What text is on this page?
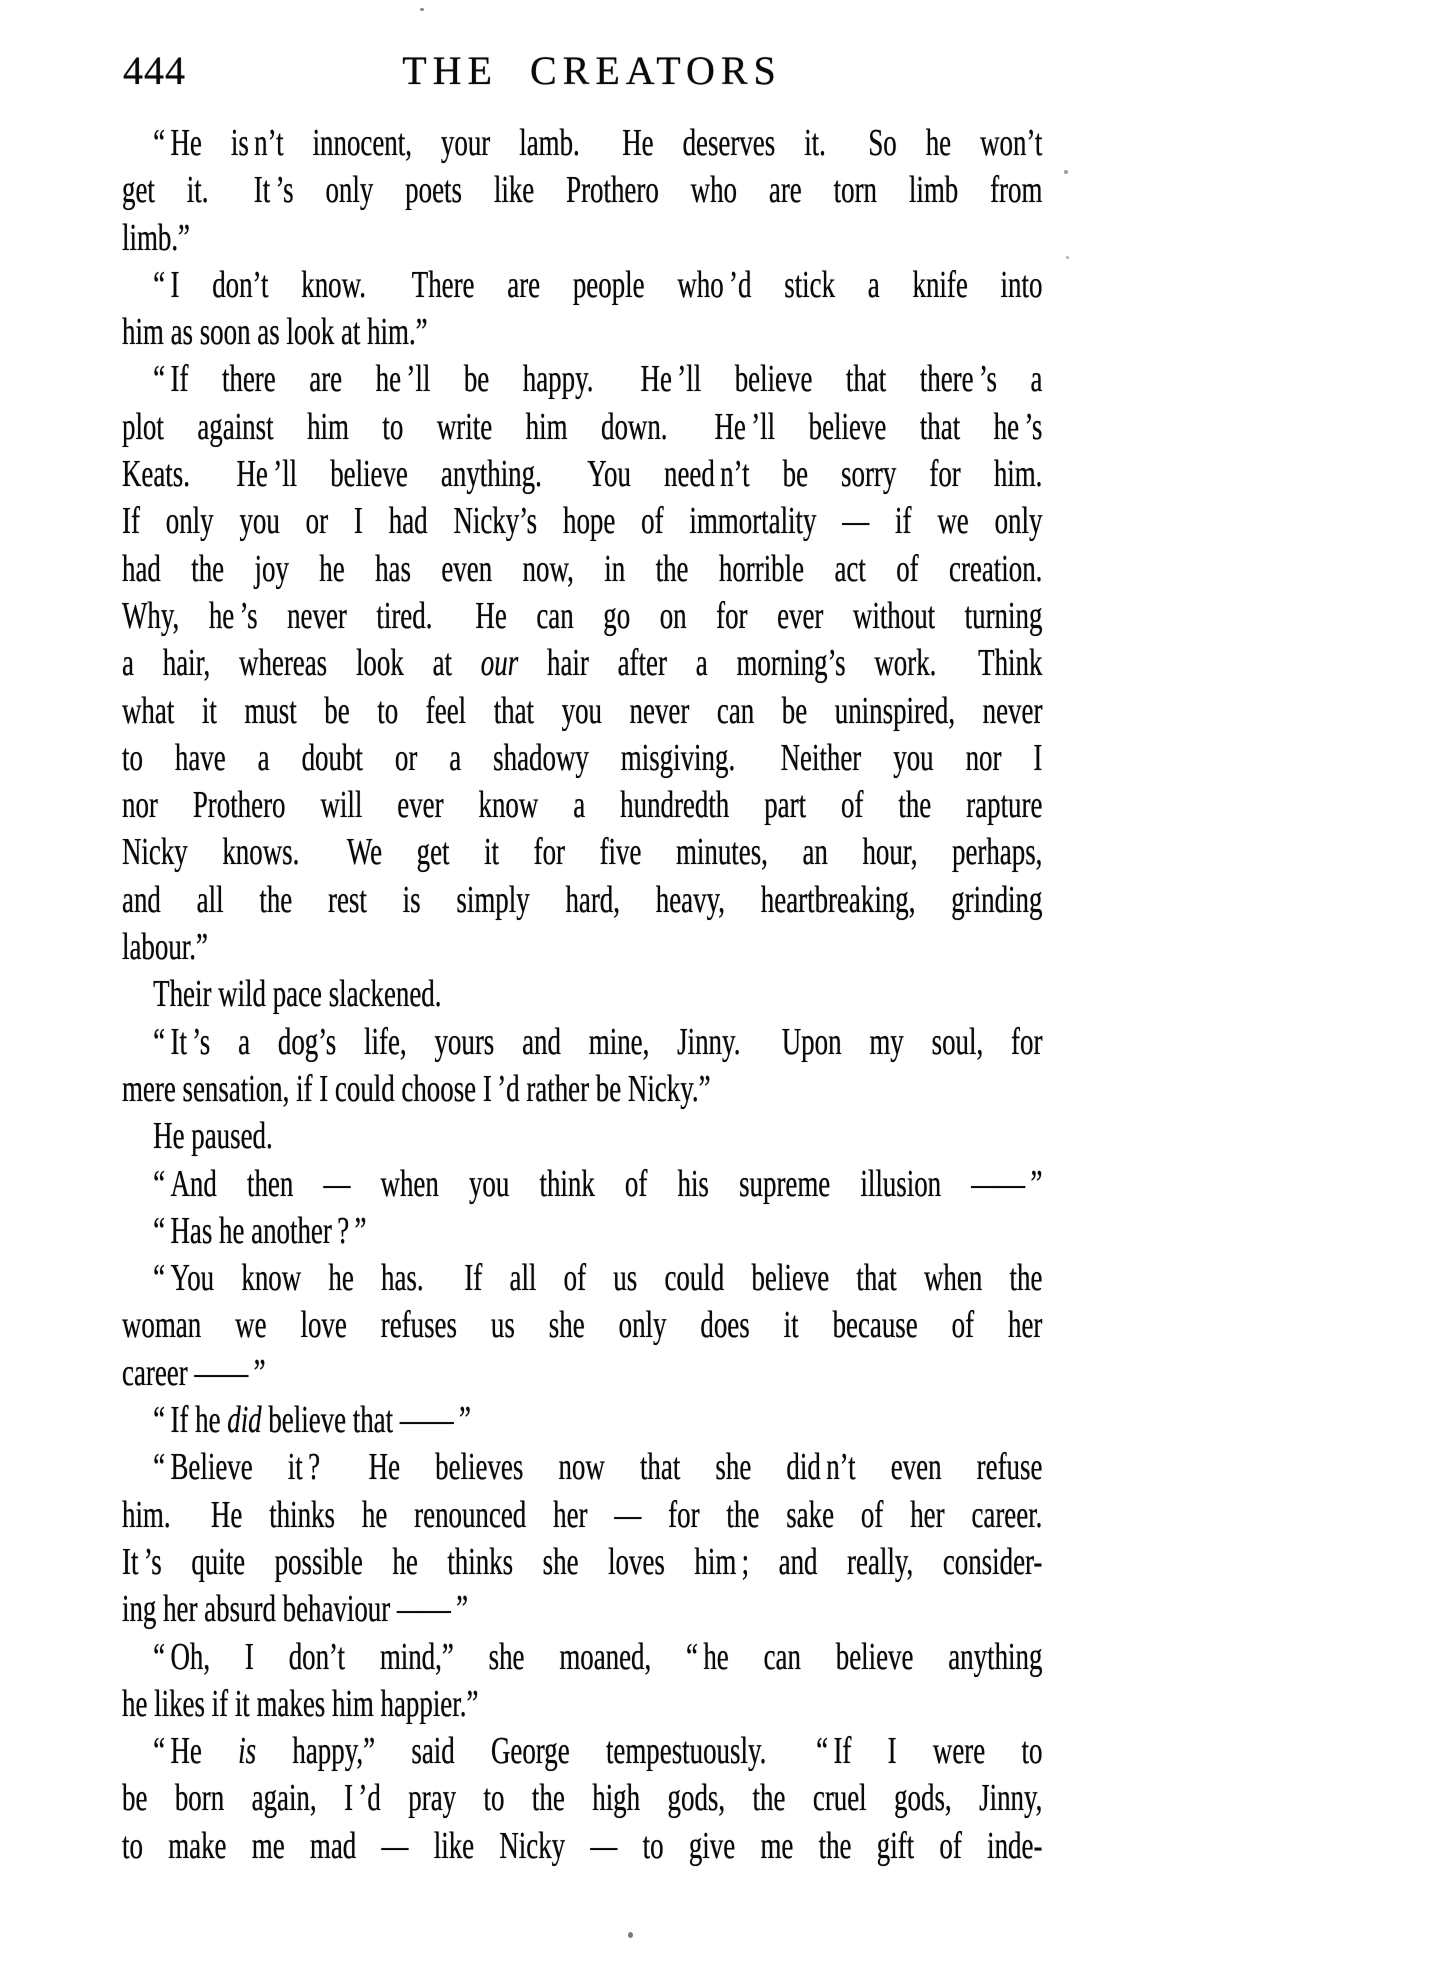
444	THE CREATORS
“ He is n’t innocent, your lamb.  He deserves it.  So he won’t
get it.  It ’s only poets like Prothero who are torn limb from
limb.”
“ I don’t know.  There are people who ’d stick a knife into
him as soon as look at him.”
“ If there are he ’ll be happy.  He ’ll believe that there ’s a
plot against him to write him down.  He ’ll believe that he ’s
Keats.  He ’ll believe anything.  You need n’t be sorry for him.
If only you or I had Nicky’s hope of immortality — if we only
had the joy he has even now, in the horrible act of creation.
Why, he ’s never tired.  He can go on for ever without turning
a hair, whereas look at our hair after a morning’s work.  Think
what it must be to feel that you never can be uninspired, never
to have a doubt or a shadowy misgiving.  Neither you nor I
nor Prothero will ever know a hundredth part of the rapture
Nicky knows.  We get it for five minutes, an hour, perhaps,
and all the rest is simply hard, heavy, heartbreaking, grinding
labour.”
Their wild pace slackened.
“ It ’s a dog’s life, yours and mine, Jinny.  Upon my soul, for
mere sensation, if I could choose I ’d rather be Nicky.”
He paused.
“ And then — when you think of his supreme illusion —— ”
“ Has he another ? ”
“ You know he has.  If all of us could believe that when the
woman we love refuses us she only does it because of her
career —— ”
“ If he did believe that —— ”
“ Believe it ?  He believes now that she did n’t even refuse
him.  He thinks he renounced her — for the sake of her career.
It ’s quite possible he thinks she loves him ; and really, consider-
ing her absurd behaviour —— ”
“ Oh, I don’t mind,” she moaned, “ he can believe anything
he likes if it makes him happier.”
“ He is happy,” said George tempestuously.  “ If I were to
be born again, I ’d pray to the high gods, the cruel gods, Jinny,
to make me mad — like Nicky — to give me the gift of inde-
